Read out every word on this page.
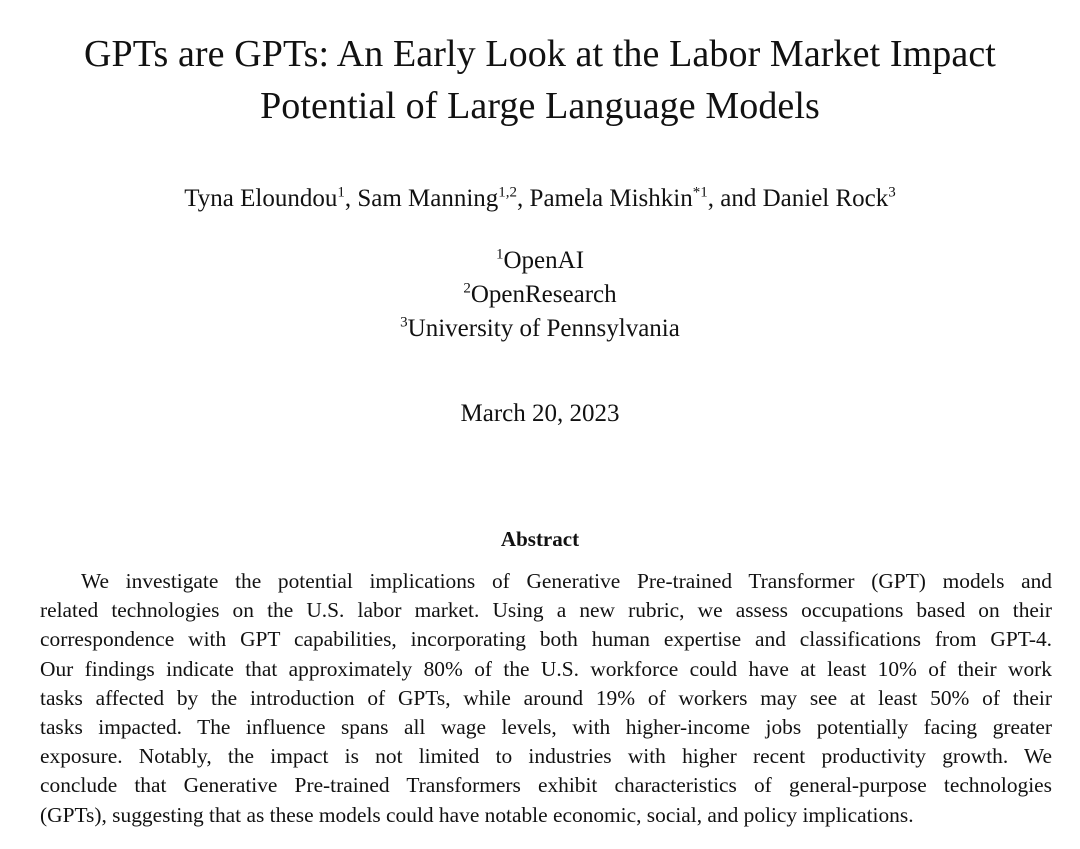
GPTs are GPTs: An Early Look at the Labor Market Impact
Potential of Large Language Models
Tyna Eloundou$^1$, Sam Manning$^{1,2}$, Pamela Mishkin$^{*1}$, and Daniel Rock$^3$
$^1$OpenAI
$^2$OpenResearch
$^3$University of Pennsylvania
March 20, 2023
Abstract
We investigate the potential implications of Generative Pre-trained Transformer (GPT) models and
related technologies on the U.S. labor market. Using a new rubric, we assess occupations based on their
correspondence with GPT capabilities, incorporating both human expertise and classifications from GPT-4.
Our findings indicate that approximately 80% of the U.S. workforce could have at least 10% of their work
tasks affected by the introduction of GPTs, while around 19% of workers may see at least 50% of their
tasks impacted. The influence spans all wage levels, with higher-income jobs potentially facing greater
exposure. Notably, the impact is not limited to industries with higher recent productivity growth. We
conclude that Generative Pre-trained Transformers exhibit characteristics of general-purpose technologies
(GPTs), suggesting that as these models could have notable economic, social, and policy implications.
